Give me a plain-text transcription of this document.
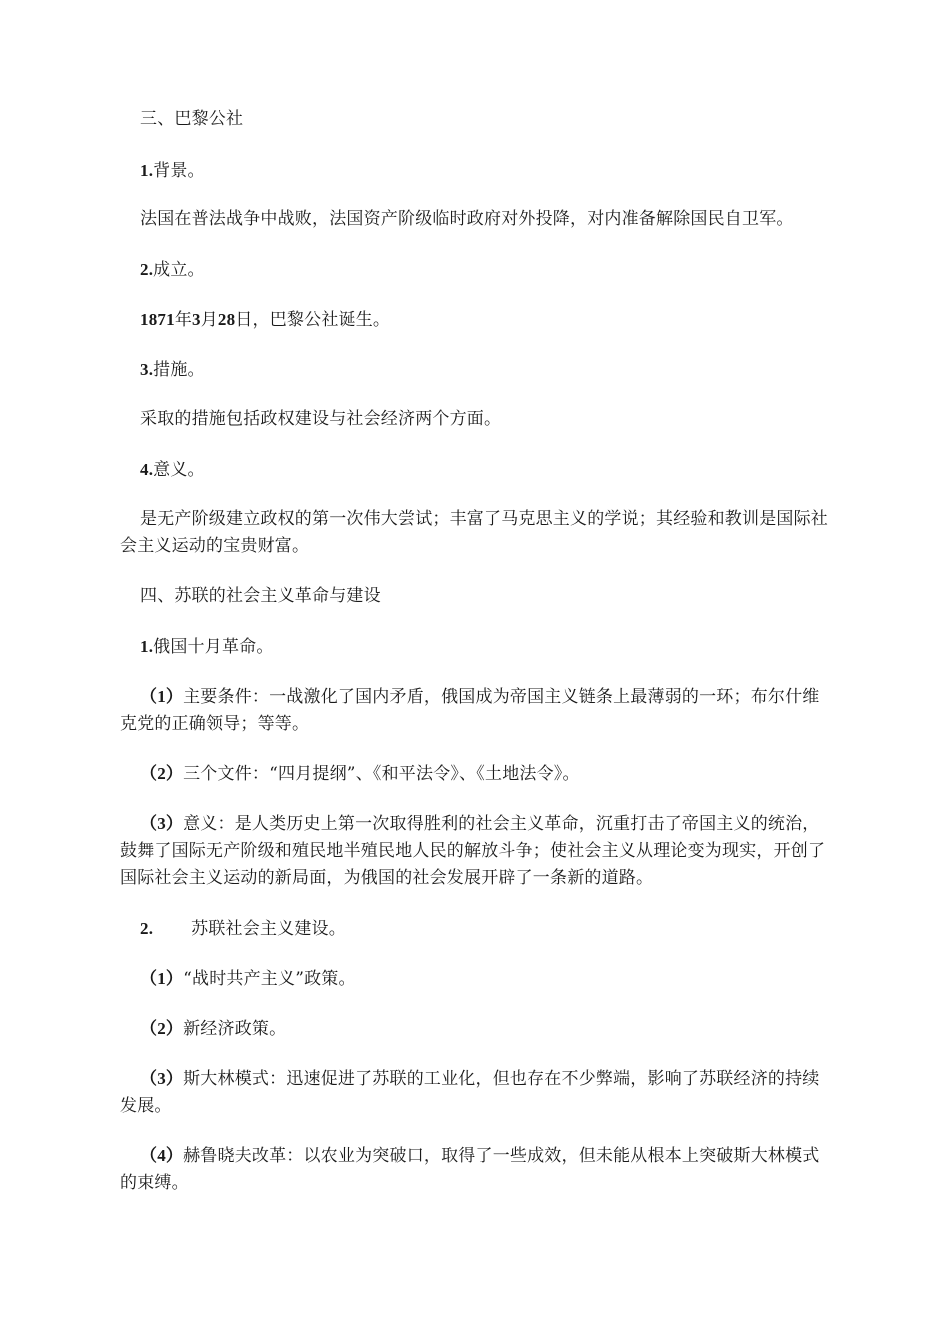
三、巴黎公社

1.背景。

法国在普法战争中战败，法国资产阶级临时政府对外投降，对内准备解除国民自卫军。

2.成立。

1871年3月28日，巴黎公社诞生。

3.措施。

采取的措施包括政权建设与社会经济两个方面。

4.意义。

是无产阶级建立政权的第一次伟大尝试；丰富了马克思主义的学说；其经验和教训是国际社会主义运动的宝贵财富。

四、苏联的社会主义革命与建设

1.俄国十月革命。

（1）主要条件：一战激化了国内矛盾，俄国成为帝国主义链条上最薄弱的一环；布尔什维克党的正确领导；等等。

（2）三个文件：“四月提纲”、《和平法令》、《土地法令》。

（3）意义：是人类历史上第一次取得胜利的社会主义革命，沉重打击了帝国主义的统治，鼓舞了国际无产阶级和殖民地半殖民地人民的解放斗争；使社会主义从理论变为现实，开创了国际社会主义运动的新局面，为俄国的社会发展开辟了一条新的道路。

2. 苏联社会主义建设。

（1）“战时共产主义”政策。

（2）新经济政策。

（3）斯大林模式：迅速促进了苏联的工业化，但也存在不少弊端，影响了苏联经济的持续发展。

（4）赫鲁晓夫改革：以农业为突破口，取得了一些成效，但未能从根本上突破斯大林模式的束缚。
